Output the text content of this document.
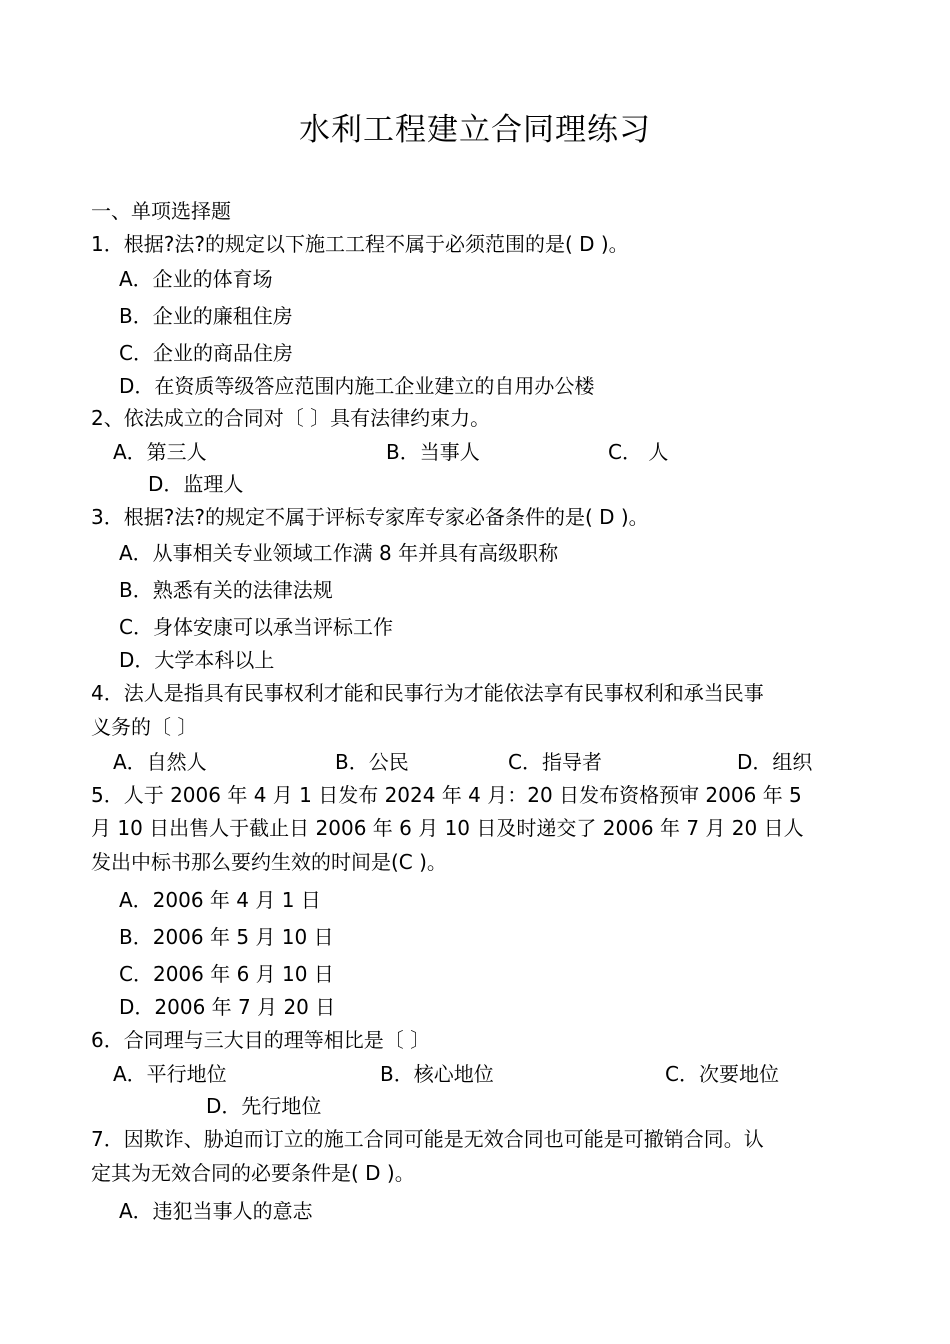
水利工程建立合同理练习
一、单项选择题
1．根据?法?的规定以下施工工程不属于必须范围的是( D )。
A．企业的体育场
B．企业的廉租住房
C．企业的商品住房
D．在资质等级答应范围内施工企业建立的自用办公楼
2、依法成立的合同对〔 〕具有法律约束力。
A．第三人	B．当事人	C． 人
D．监理人
3．根据?法?的规定不属于评标专家库专家必备条件的是( D )。
A．从事相关专业领域工作满 8 年并具有高级职称
B．熟悉有关的法律法规
C．身体安康可以承当评标工作
D．大学本科以上
4．法人是指具有民事权利才能和民事行为才能依法享有民事权利和承当民事
义务的〔 〕
A．自然人	B．公民	C．指导者	D．组织
5．人于 2006 年 4 月 1 日发布 2024 年 4 月：20 日发布资格预审 2006 年 5
月 10 日出售人于截止日 2006 年 6 月 10 日及时递交了 2006 年 7 月 20 日人
发出中标书那么要约生效的时间是(C )。
A．2006 年 4 月 1 日
B．2006 年 5 月 10 日
C．2006 年 6 月 10 日
D．2006 年 7 月 20 日
6．合同理与三大目的理等相比是〔 〕
A．平行地位	B．核心地位	C．次要地位
D．先行地位
7．因欺诈、胁迫而订立的施工合同可能是无效合同也可能是可撤销合同。认
定其为无效合同的必要条件是( D )。
A．违犯当事人的意志
